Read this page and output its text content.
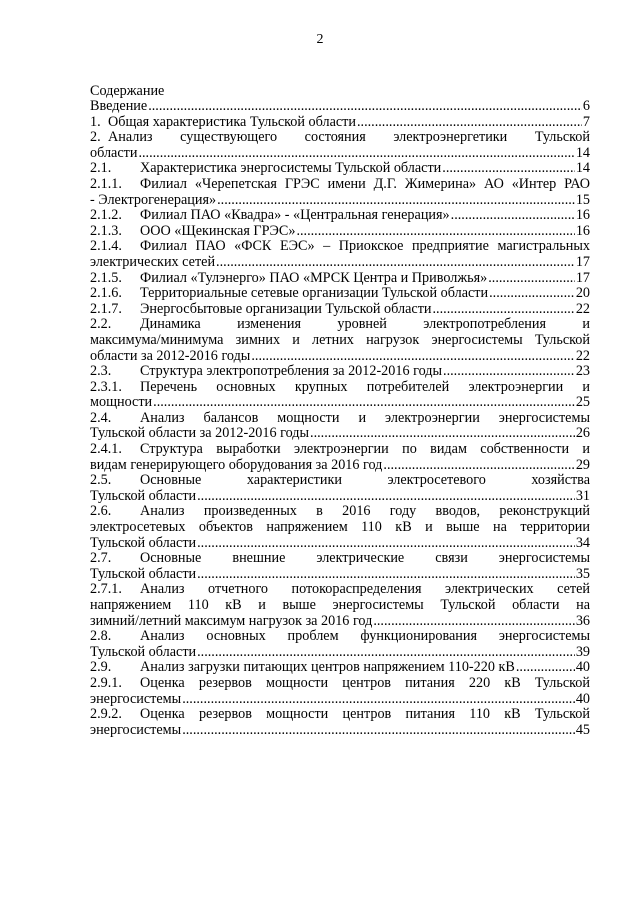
2
Содержание
Введение .....	6
1. Общая характеристика Тульской области .....	7
2. Анализ существующего состояния электроэнергетики Тульской
области .....	14
2.1.	Характеристика энергосистемы Тульской области .....	14
2.1.1. Филиал «Черепетская ГРЭС имени Д.Г. Жимерина» АО «Интер РАО
- Электрогенерация» .....	15
2.1.2.	Филиал ПАО «Квадра» - «Центральная генерация» .....	16
2.1.3.	ООО «Щекинская ГРЭС» .....	16
2.1.4. Филиал ПАО «ФСК ЕЭС» – Приокское предприятие магистральных
электрических сетей .....	17
2.1.5.	Филиал «Тулэнерго» ПАО «МРСК Центра и Приволжья» .....	17
2.1.6.	Территориальные сетевые организации Тульской области .....	20
2.1.7.	Энергосбытовые организации Тульской области .....	22
2.2. Динамика изменения уровней электропотребления и
максимума/минимума зимних и летних нагрузок энергосистемы Тульской
области за 2012-2016 годы .....	22
2.3.	Структура электропотребления за 2012-2016 годы .....	23
2.3.1. Перечень основных крупных потребителей электроэнергии и
мощности .....	25
2.4. Анализ балансов мощности и электроэнергии энергосистемы
Тульской области за 2012-2016 годы .....	26
2.4.1. Структура выработки электроэнергии по видам собственности и
видам генерирующего оборудования за 2016 год .....	29
2.5. Основные характеристики электросетевого хозяйства
Тульской области .....	31
2.6. Анализ произведенных в 2016 году вводов, реконструкций
электросетевых объектов напряжением 110 кВ и выше на территории
Тульской области .....	34
2.7. Основные внешние электрические связи энергосистемы
Тульской области .....	35
2.7.1. Анализ отчетного потокораспределения электрических сетей
напряжением 110 кВ и выше энергосистемы Тульской области на
зимний/летний максимум нагрузок за 2016 год .....	36
2.8. Анализ основных проблем функционирования энергосистемы
Тульской области .....	39
2.9.	Анализ загрузки питающих центров напряжением 110-220 кВ .....	40
2.9.1. Оценка резервов мощности центров питания 220 кВ Тульской
энергосистемы .....	40
2.9.2. Оценка резервов мощности центров питания 110 кВ Тульской
энергосистемы .....	45
